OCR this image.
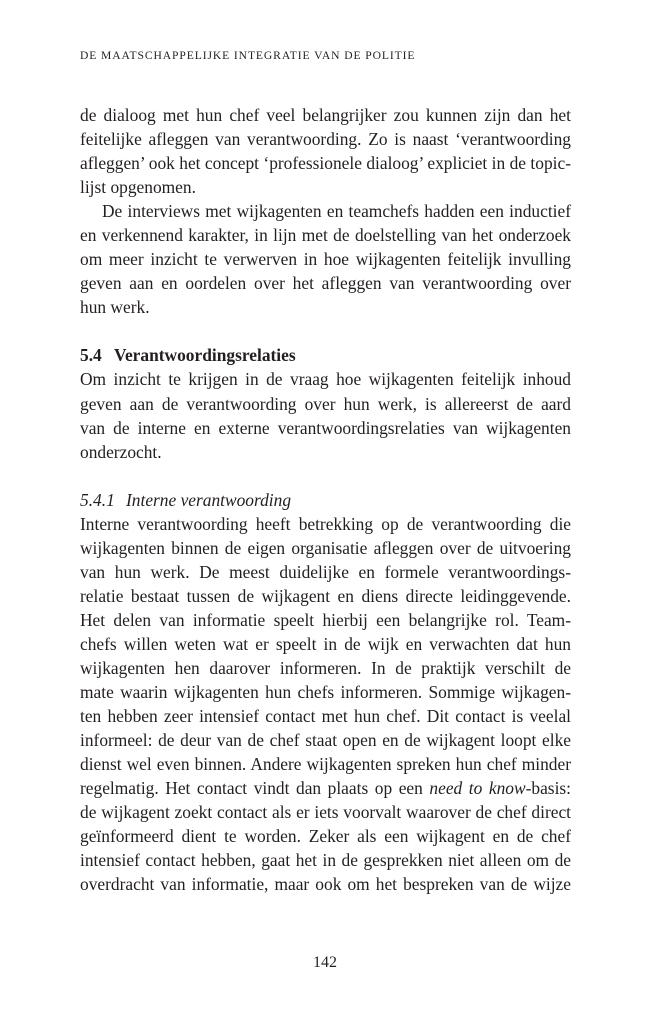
DE MAATSCHAPPELIJKE INTEGRATIE VAN DE POLITIE
de dialoog met hun chef veel belangrijker zou kunnen zijn dan het
feitelijke afleggen van verantwoording. Zo is naast ‘verantwoording
afleggen’ ook het concept ‘professionele dialoog’ expliciet in de topic-
lijst opgenomen.
De interviews met wijkagenten en teamchefs hadden een inductief
en verkennend karakter, in lijn met de doelstelling van het onderzoek
om meer inzicht te verwerven in hoe wijkagenten feitelijk invulling
geven aan en oordelen over het afleggen van verantwoording over
hun werk.
5.4 Verantwoordingsrelaties
Om inzicht te krijgen in de vraag hoe wijkagenten feitelijk inhoud
geven aan de verantwoording over hun werk, is allereerst de aard
van de interne en externe verantwoordingsrelaties van wijkagenten
onderzocht.
5.4.1 Interne verantwoording
Interne verantwoording heeft betrekking op de verantwoording die
wijkagenten binnen de eigen organisatie afleggen over de uitvoering
van hun werk. De meest duidelijke en formele verantwoordings-
relatie bestaat tussen de wijkagent en diens directe leidinggevende.
Het delen van informatie speelt hierbij een belangrijke rol. Team-
chefs willen weten wat er speelt in de wijk en verwachten dat hun
wijkagenten hen daarover informeren. In de praktijk verschilt de
mate waarin wijkagenten hun chefs informeren. Sommige wijkagen-
ten hebben zeer intensief contact met hun chef. Dit contact is veelal
informeel: de deur van de chef staat open en de wijkagent loopt elke
dienst wel even binnen. Andere wijkagenten spreken hun chef minder
regelmatig. Het contact vindt dan plaats op een need to know-basis:
de wijkagent zoekt contact als er iets voorvalt waarover de chef direct
geïnformeerd dient te worden. Zeker als een wijkagent en de chef
intensief contact hebben, gaat het in de gesprekken niet alleen om de
overdracht van informatie, maar ook om het bespreken van de wijze
142
